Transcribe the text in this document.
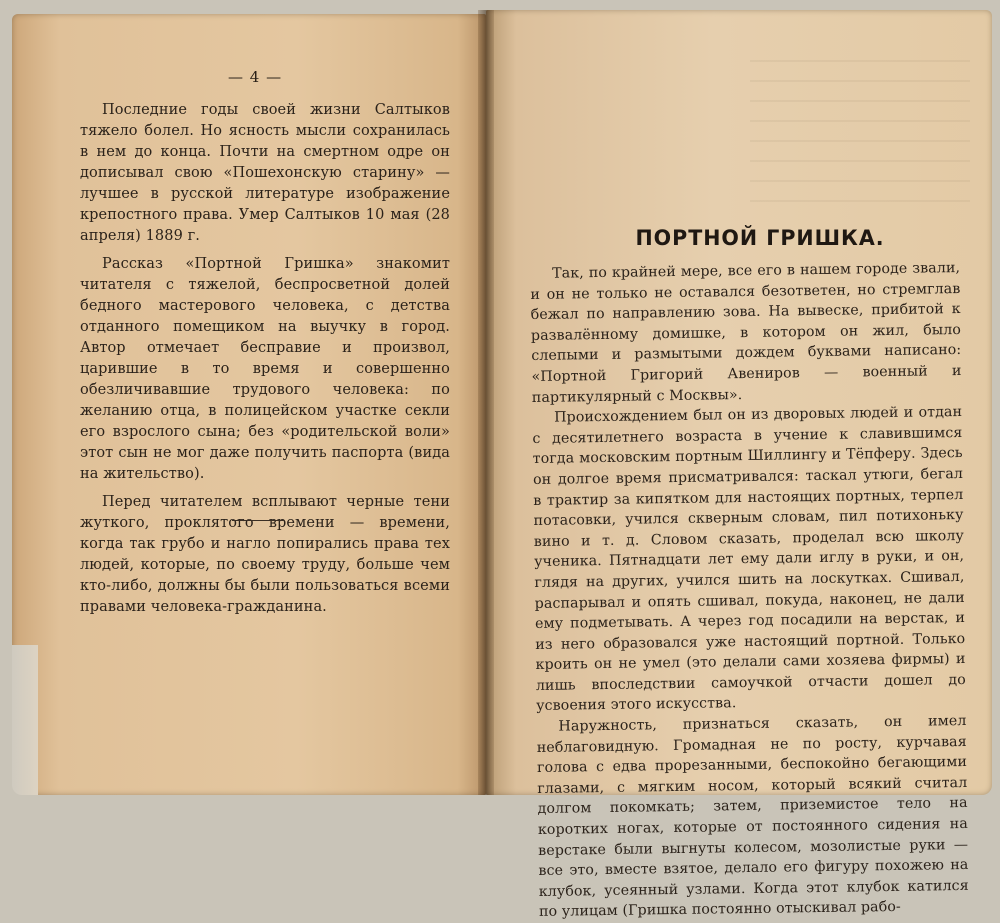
— 4 —

Последние годы своей жизни Салтыков тяжело болел. Но ясность мысли сохранилась в нем до конца. Почти на смертном одре он дописывал свою «Пошехонскую старину» — лучшее в русской литературе изображение крепостного права. Умер Салтыков 10 мая (28 апреля) 1889 г.

Рассказ «Портной Гришка» знакомит читателя с тяжелой, беспросветной долей бедного мастерового человека, с детства отданного помещиком на выучку в город. Автор отмечает бесправие и произвол, царившие в то время и совершенно обезличивавшие трудового человека: по желанию отца, в полицейском участке секли его взрослого сына; без «родительской воли» этот сын не мог даже получить паспорта (вида на жительство).

Перед читателем всплывают черные тени жуткого, проклятого времени — времени, когда так грубо и нагло попирались права тех людей, которые, по своему труду, больше чем кто-либо, должны бы были пользоваться всеми правами человека-гражданина.

ПОРТНОЙ ГРИШКА.

Так, по крайней мере, все его в нашем городе звали, и он не только не оставался безответен, но стремглав бежал по направлению зова. На вывеске, прибитой к развалённому домишке, в котором он жил, было слепыми и размытыми дождем буквами написано: «Портной Григорий Авениров — военный и партикулярный с Москвы».

Происхождением был он из дворовых людей и отдан с десятилетнего возраста в учение к славившимся тогда московским портным Шиллингу и Тёпферу. Здесь он долгое время присматривался: таскал утюги, бегал в трактир за кипятком для настоящих портных, терпел потасовки, учился скверным словам, пил потихоньку вино и т. д. Словом сказать, проделал всю школу ученика. Пятнадцати лет ему дали иглу в руки, и он, глядя на других, учился шить на лоскутках. Сшивал, распарывал и опять сшивал, покуда, наконец, не дали ему подметывать. А через год посадили на верстак, и из него образовался уже настоящий портной. Только кроить он не умел (это делали сами хозяева фирмы) и лишь впоследствии самоучкой отчасти дошел до усвоения этого искусства.

Наружность, признаться сказать, он имел неблаговидную. Громадная не по росту, курчавая голова с едва прорезанными, беспокойно бегающими глазами, с мягким носом, который всякий считал долгом покомкать; затем, приземистое тело на коротких ногах, которые от постоянного сидения на верстаке были выгнуты колесом, мозолистые руки — все это, вместе взятое, делало его фигуру похожею на клубок, усеянный узлами. Когда этот клубок катился по улицам (Гришка постоянно отыскивал рабо-
